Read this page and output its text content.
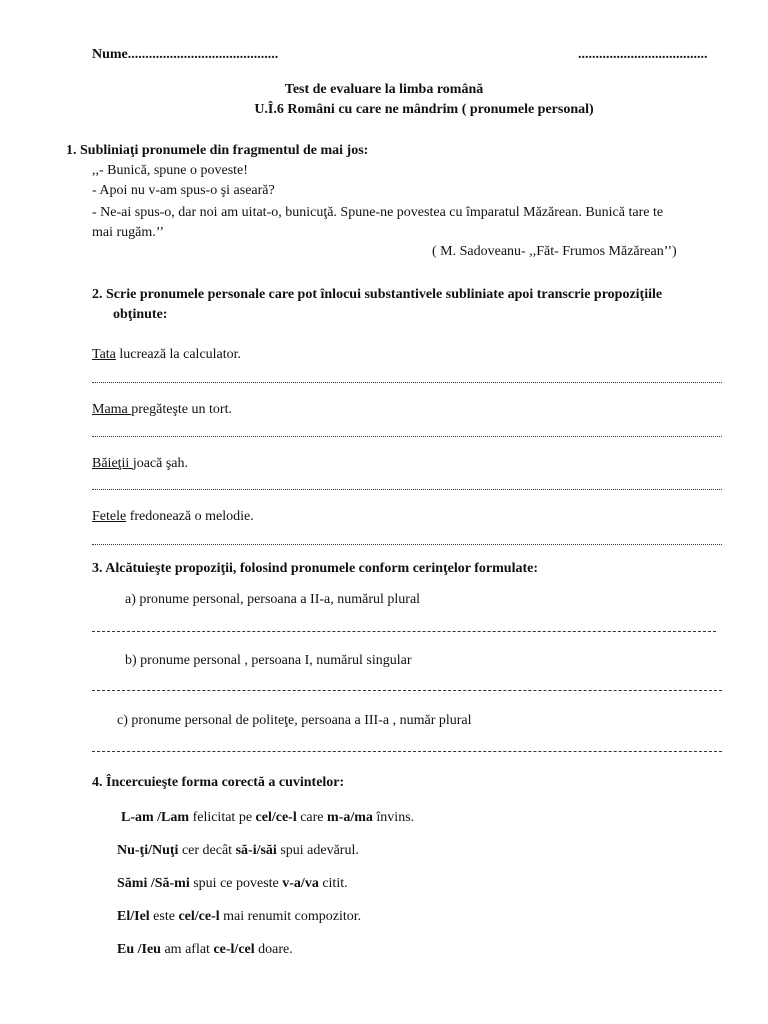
Nume...........................................	.....................................
Test de evaluare la limba română
U.Î.6 Români cu care ne mândrim ( pronumele personal)
1. Subliniaţi pronumele din fragmentul de mai jos:
,,- Bunică, spune o poveste!
- Apoi nu v-am spus-o şi aseară?
- Ne-ai spus-o, dar noi am uitat-o, bunicuţă. Spune-ne povestea cu împaratul Măzărean. Bunică tare te
mai rugăm.’’
( M. Sadoveanu- ,,Făt- Frumos Măzărean’’)
2. Scrie pronumele personale care pot înlocui substantivele subliniate apoi transcrie propoziţiile
obţinute:
Tata lucrează la calculator.
Mama pregăteşte un tort.
Băieţii joacă şah.
Fetele fredonează o melodie.
3. Alcătuieşte propoziţii, folosind pronumele conform cerinţelor formulate:
a) pronume personal, persoana a II-a, numărul plural
b) pronume personal , persoana I, numărul singular
c) pronume personal de politeţe, persoana a III-a , număr plural
4. Încercuieşte forma corectă a cuvintelor:
L-am /Lam felicitat pe cel/ce-l care m-a/ma învins.
Nu-ţi/Nuţi cer decât să-i/săi spui adevărul.
Sămi /Să-mi spui ce poveste v-a/va citit.
El/Iel este cel/ce-l mai renumit compozitor.
Eu /Ieu am aflat ce-l/cel doare.
